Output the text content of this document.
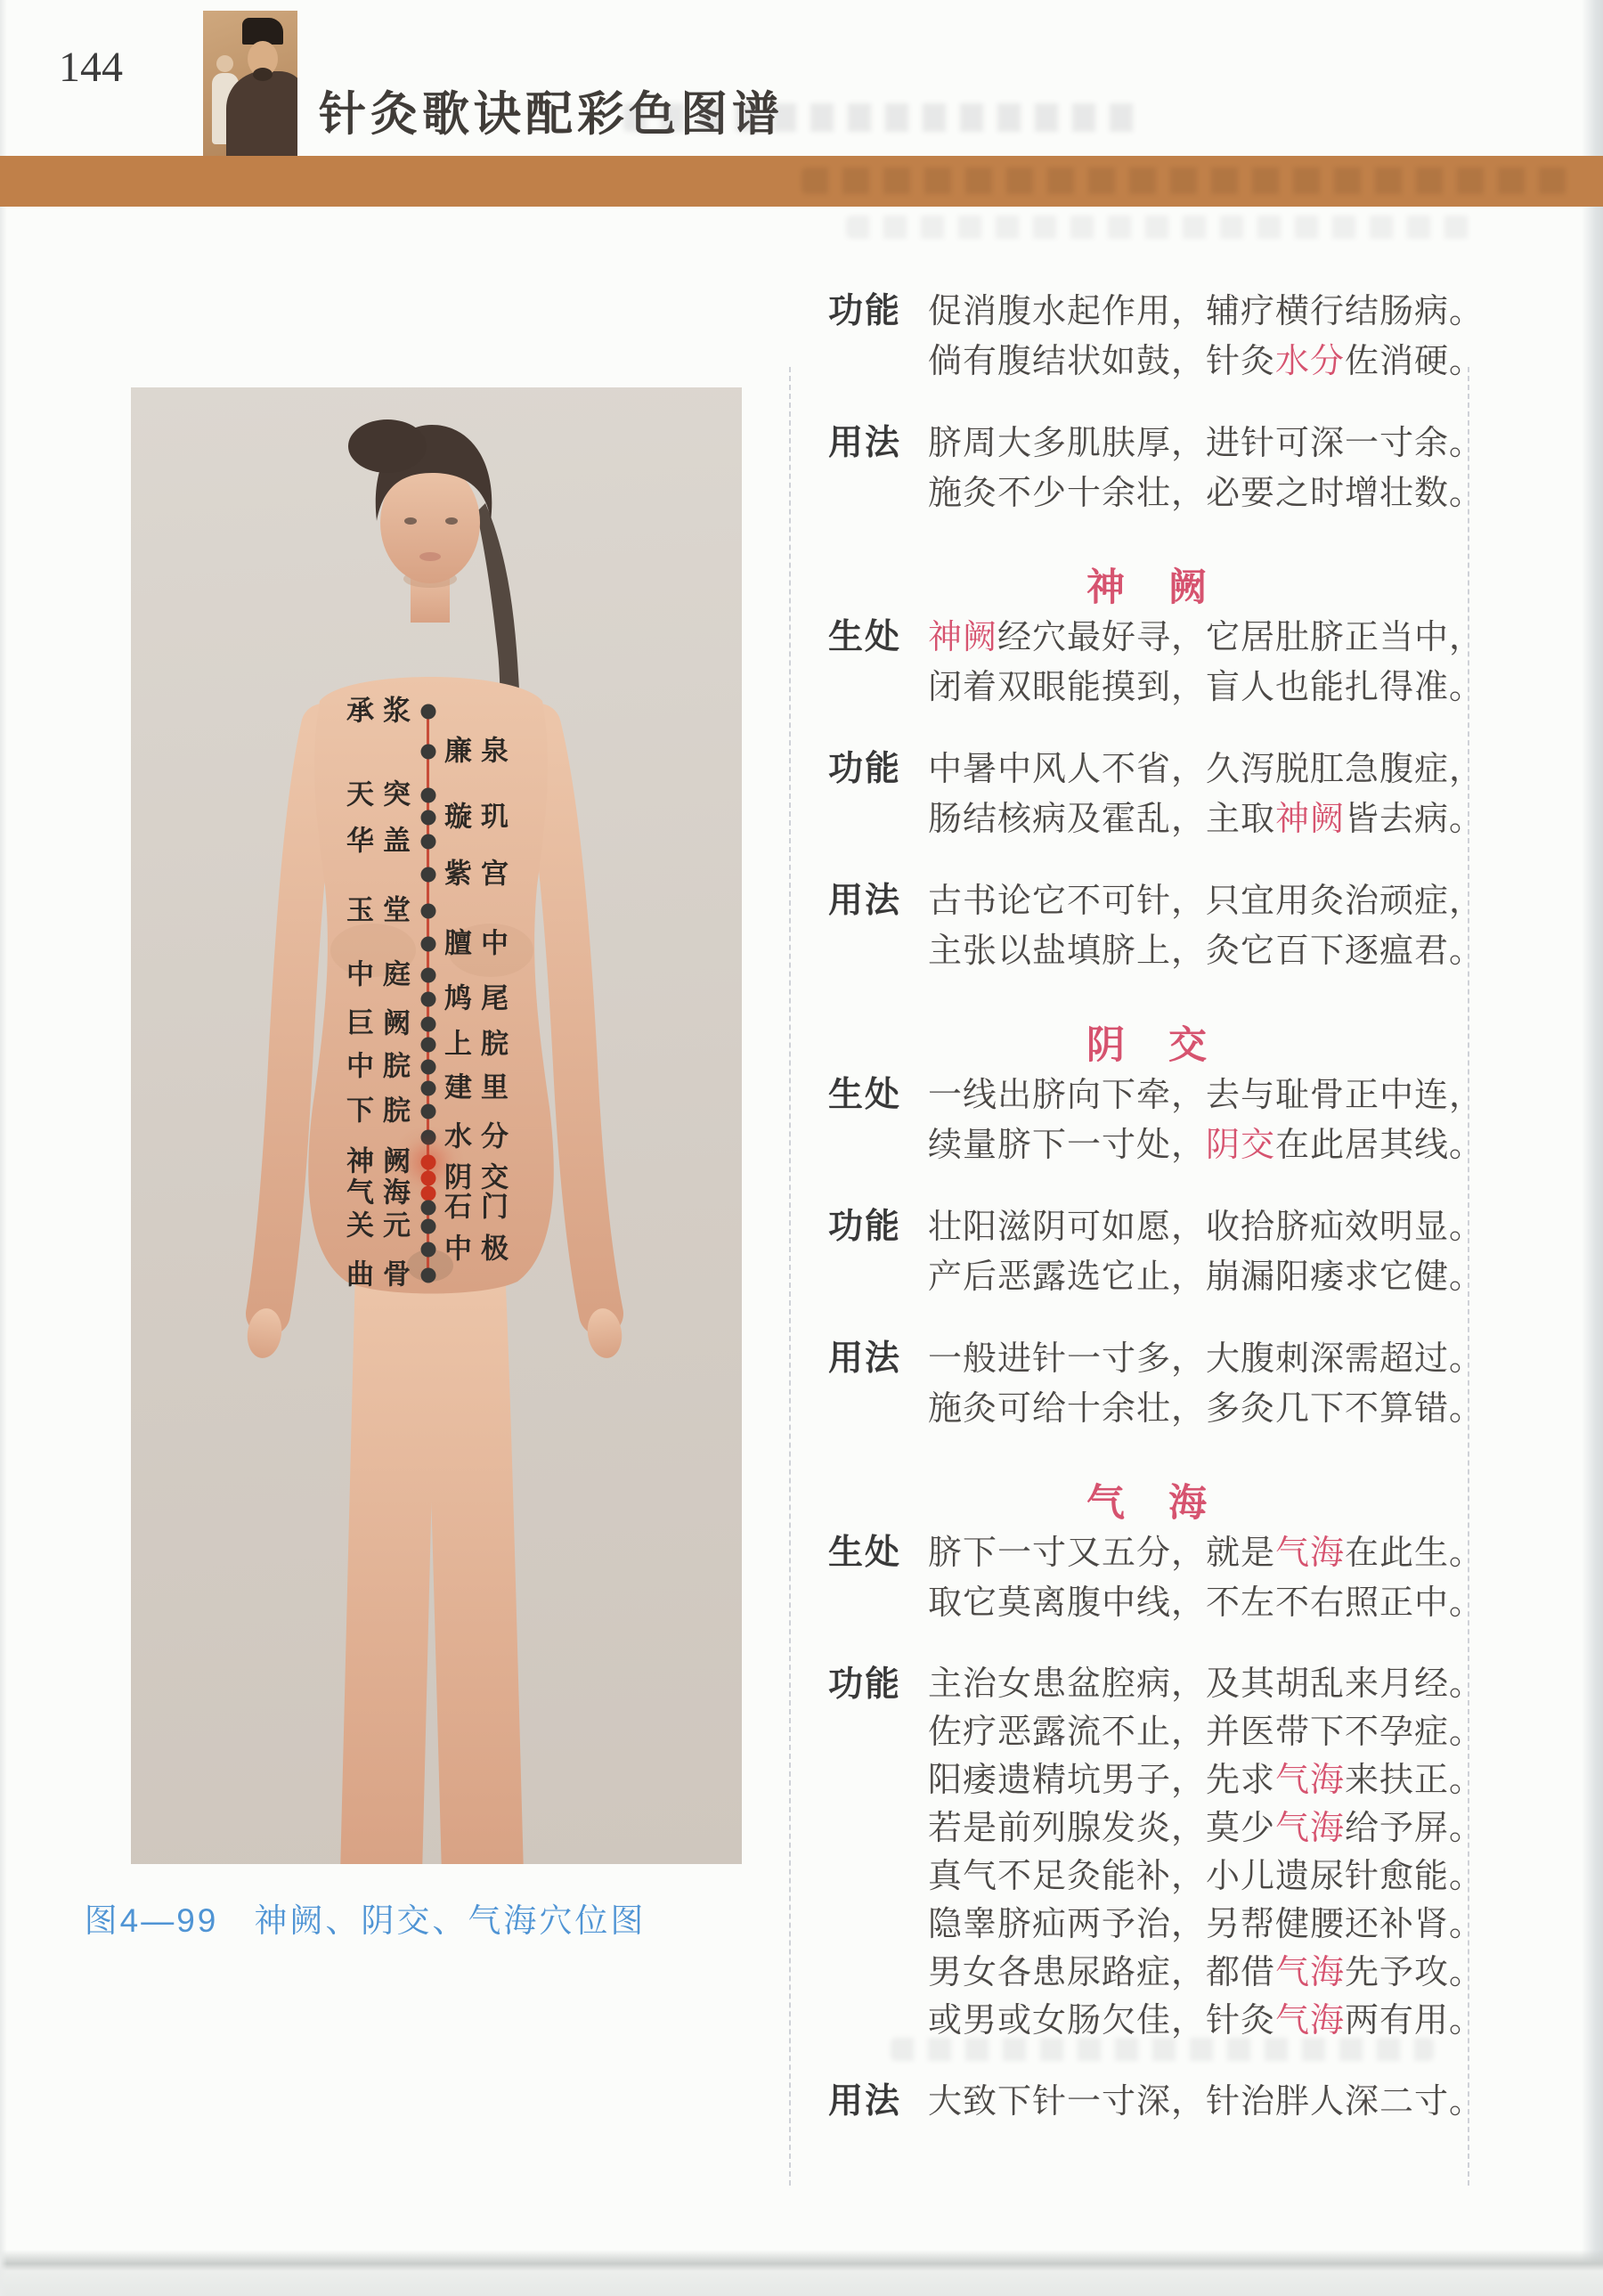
144
针灸歌诀配彩色图谱
承浆
廉泉
天突
璇玑
华盖
紫宫
玉堂
膻中
中庭
鸠尾
巨阙
上脘
中脘
建里
下脘
水分
神阙 阴交
气海 石门
关元
中极
曲骨
图4—99　神阙、阴交、气海穴位图
功能 促消腹水起作用，辅疗横行结肠病。
倘有腹结状如鼓，针灸水分佐消硬。
用法 脐周大多肌肤厚，进针可深一寸余。
施灸不少十余壮，必要之时增壮数。
神　阙
生处 神阙经穴最好寻，它居肚脐正当中，
闭着双眼能摸到，盲人也能扎得准。
功能 中暑中风人不省，久泻脱肛急腹症，
肠结核病及霍乱，主取神阙皆去病。
用法 古书论它不可针，只宜用灸治顽症，
主张以盐填脐上，灸它百下逐瘟君。
阴　交
生处 一线出脐向下牵，去与耻骨正中连，
续量脐下一寸处，阴交在此居其线。
功能 壮阳滋阴可如愿，收拾脐疝效明显。
产后恶露选它止，崩漏阳痿求它健。
用法 一般进针一寸多，大腹刺深需超过。
施灸可给十余壮，多灸几下不算错。
气　海
生处 脐下一寸又五分，就是气海在此生。
取它莫离腹中线，不左不右照正中。
功能 主治女患盆腔病，及其胡乱来月经。
佐疗恶露流不止，并医带下不孕症。
阳痿遗精坑男子，先求气海来扶正。
若是前列腺发炎，莫少气海给予屏。
真气不足灸能补，小儿遗尿针愈能。
隐睾脐疝两予治，另帮健腰还补肾。
男女各患尿路症，都借气海先予攻。
或男或女肠欠佳，针灸气海两有用。
用法 大致下针一寸深，针治胖人深二寸。
